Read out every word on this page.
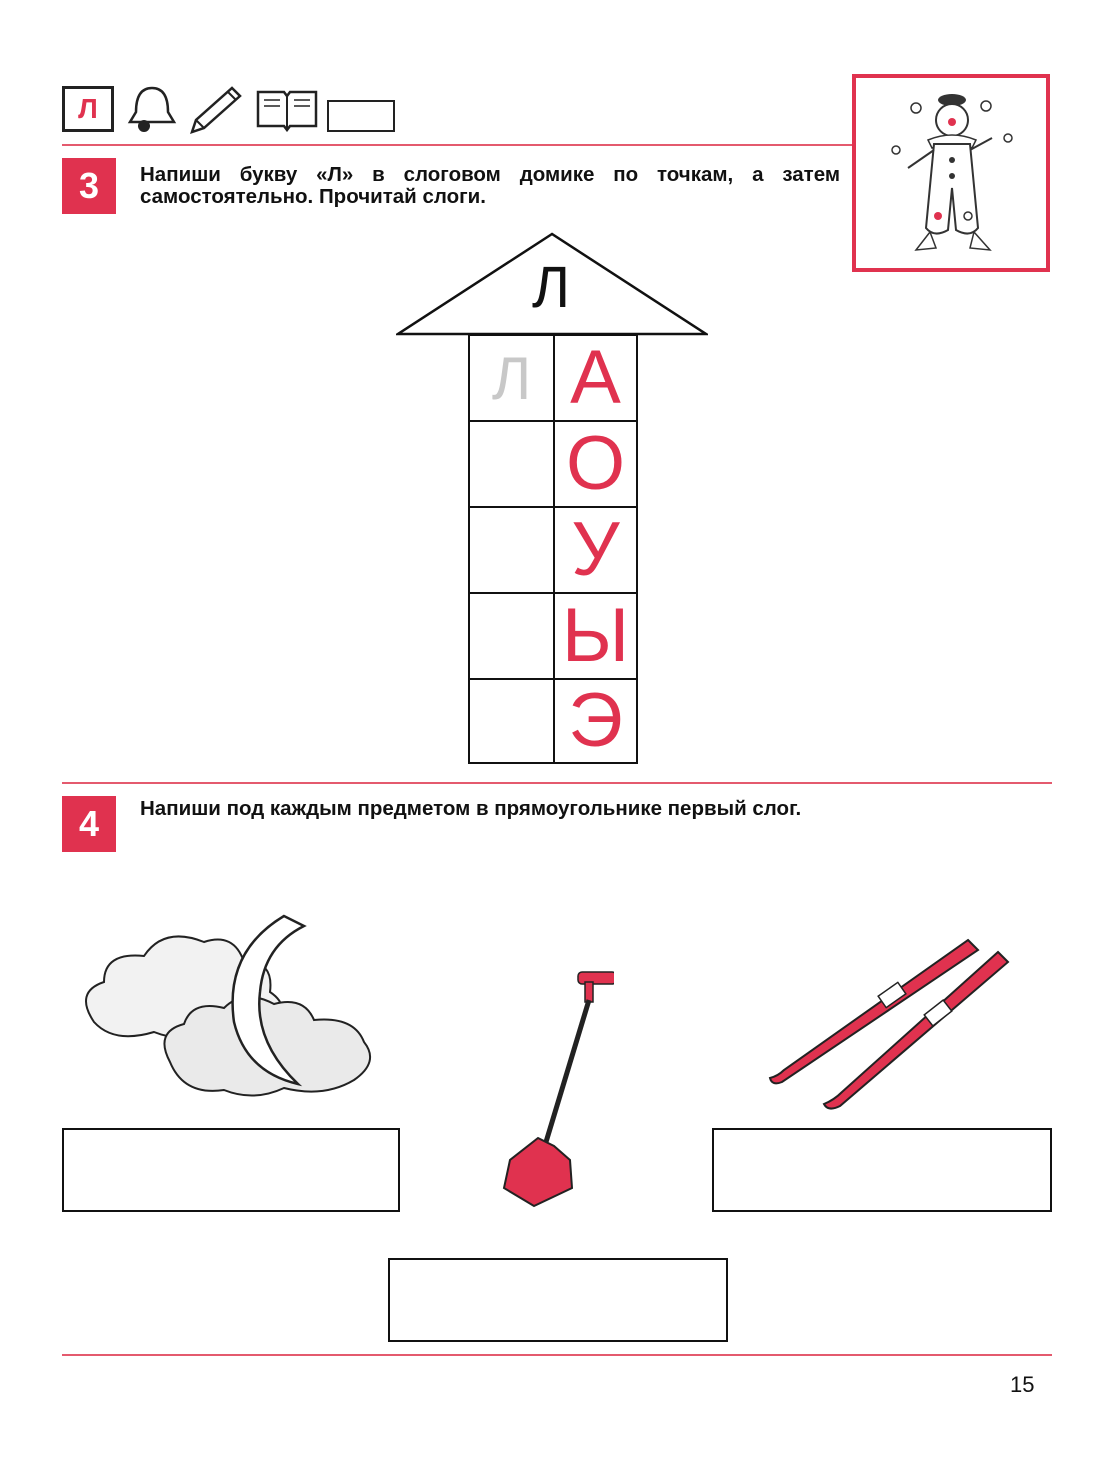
Л
3	Напиши букву «Л» в слоговом домике по точкам, а затем самостоятельно. Прочитай слоги.
Л
Л А
О
У
Ы
Э
4	Напиши под каждым предметом в прямоугольнике первый слог.
15
